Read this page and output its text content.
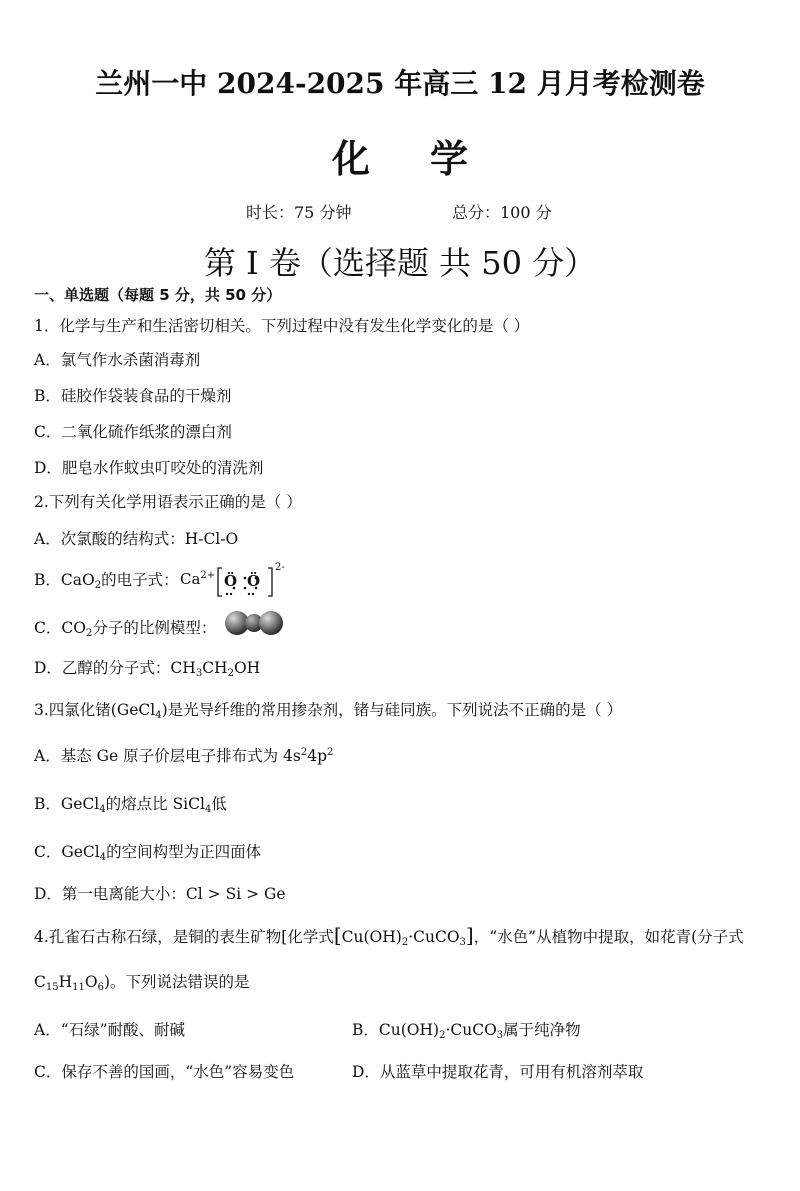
兰州一中 2024-2025 年高三 12 月月考检测卷
化学
时长：75 分钟	总分：100 分
第 I 卷（选择题 共 50 分）
一、单选题（每题 5 分，共 50 分）
1．化学与生产和生活密切相关。下列过程中没有发生化学变化的是（ ）
A．氯气作水杀菌消毒剂
B．硅胶作袋装食品的干燥剂
C．二氧化硫作纸浆的漂白剂
D．肥皂水作蚊虫叮咬处的清洗剂
2.下列有关化学用语表示正确的是（ ）
A．次氯酸的结构式：H-Cl-O
B．CaO$_2$的电子式： $Ca^{2+}$ Ö Ö
2-
C．$CO_2$分子的比例模型：
D．乙醇的分子式：$CH_3CH_2OH$
3.四氯化锗(GeCl$_4$)是光导纤维的常用掺杂剂，锗与硅同族。下列说法不正确的是（ ）
A．基态 Ge 原子价层电子排布式为 $4s^24p^2$
B．GeCl$_4$的熔点比 SiCl$_4$低
C．GeCl$_4$的空间构型为正四面体
D．第一电离能大小：Cl > Si > Ge
4.孔雀石古称石绿，是铜的表生矿物[化学式$[Cu(OH)_2\cdot CuCO_3]$，“水色”从植物中提取，如花青(分子式
$C_{15}H_{11}O_6$)。下列说法错误的是
A．“石绿”耐酸、耐碱	B．$Cu(OH)_2\cdot CuCO_3$属于纯净物
C．保存不善的国画，“水色”容易变色	D．从蓝草中提取花青，可用有机溶剂萃取
